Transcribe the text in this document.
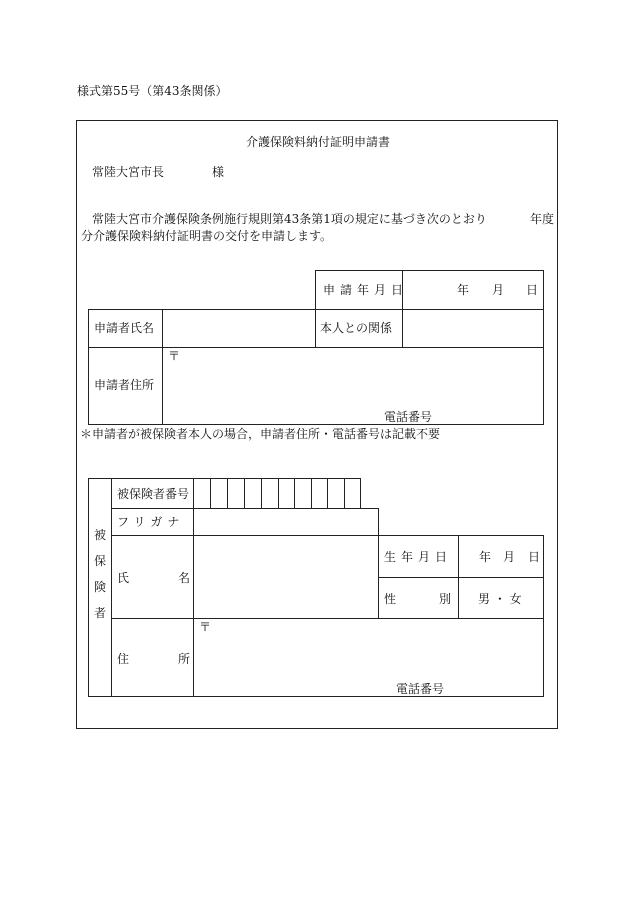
様式第55号（第43条関係）
介護保険料納付証明申請書
常陸大宮市長	様
常陸大宮市介護保険条例施行規則第43条第1項の規定に基づき次のとおり	年度
分介護保険料納付証明書の交付を申請します。
申請年月日	年 月 日
申請者氏名	本人との関係
〒
申請者住所
電話番号
＊申請者が被保険者本人の場合，申請者住所・電話番号は記載不要
被保険者
被保険者番号
フリガナ
氏	名
生年月日 年 月 日
性	別 男 ・ 女
〒
住	所
電話番号
